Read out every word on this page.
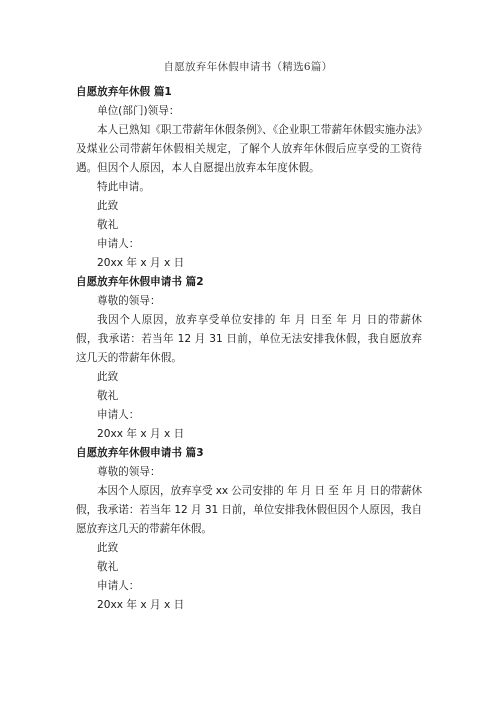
自愿放弃年休假申请书（精选6篇）

自愿放弃年休假 篇1

单位(部门)领导：

本人已熟知《职工带薪年休假条例》、《企业职工带薪年休假实施办法》及煤业公司带薪年休假相关规定，了解个人放弃年休假后应享受的工资待遇。但因个人原因，本人自愿提出放弃本年度休假。

特此申请。

此致

敬礼

申请人：

20xx 年 x 月 x 日

自愿放弃年休假申请书 篇2

尊敬的领导：

我因个人原因，放弃享受单位安排的 年 月 日至 年 月 日的带薪休假，我承诺：若当年 12 月 31 日前，单位无法安排我休假，我自愿放弃这几天的带薪年休假。

此致

敬礼

申请人：

20xx 年 x 月 x 日

自愿放弃年休假申请书 篇3

尊敬的领导：

本因个人原因，放弃享受 xx 公司安排的 年 月 日 至 年 月 日的带薪休假，我承诺：若当年 12 月 31 日前，单位安排我休假但因个人原因，我自愿放弃这几天的带薪年休假。

此致

敬礼

申请人：

20xx 年 x 月 x 日
